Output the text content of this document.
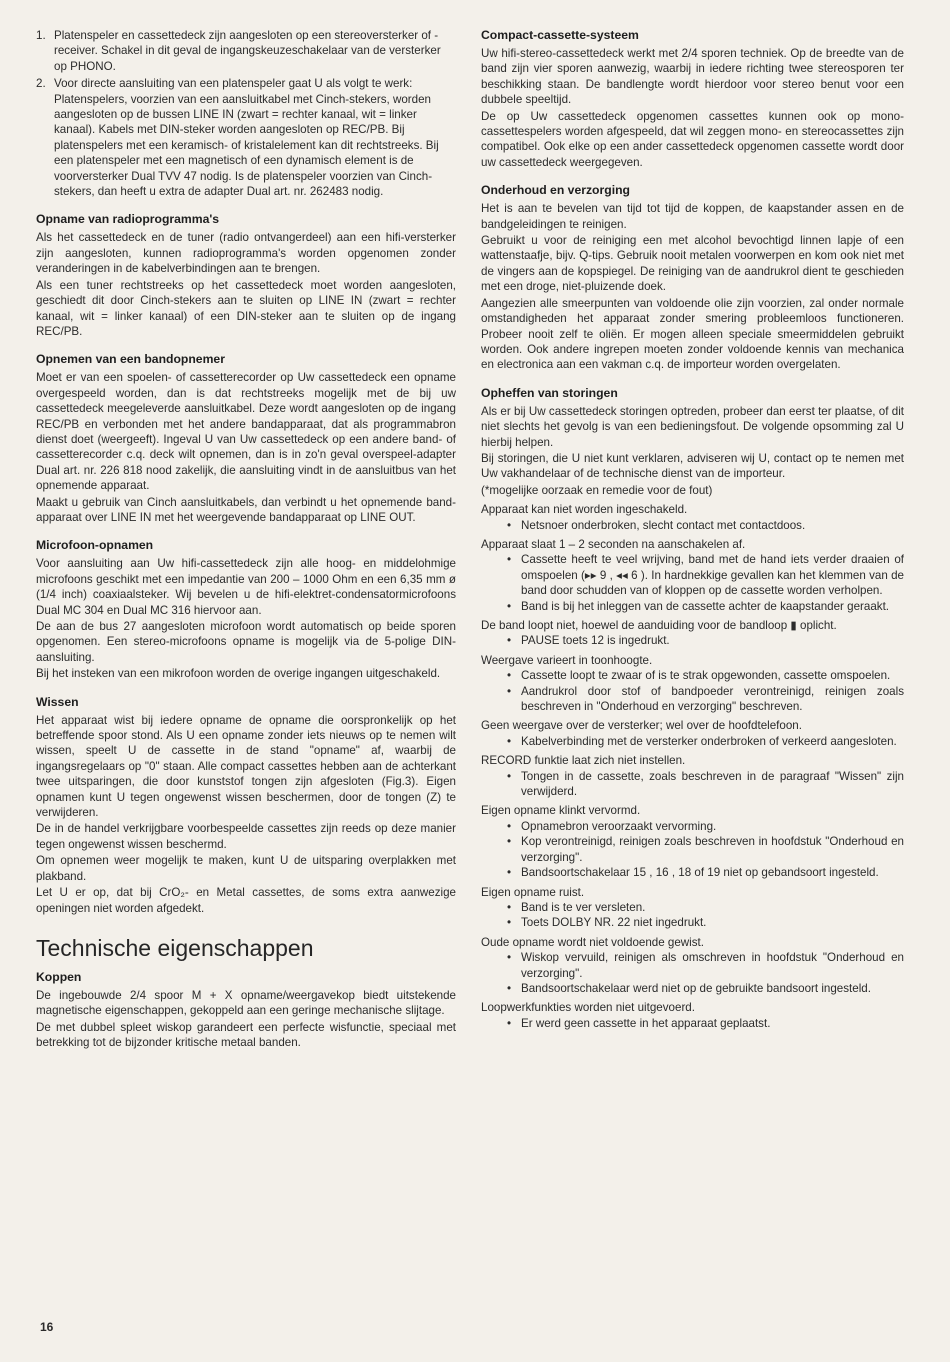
1. Platenspeler en cassettedeck zijn aangesloten op een stereoversterker of -receiver. Schakel in dit geval de ingangskeuzeschakelaar van de versterker op PHONO.
2. Voor directe aansluiting van een platenspeler gaat U als volgt te werk: Platenspelers, voorzien van een aansluitkabel met Cinch-stekers, worden aangesloten op de bussen LINE IN (zwart = rechter kanaal, wit = linker kanaal). Kabels met DIN-steker worden aangesloten op REC/PB. Bij platenspelers met een keramisch- of kristalelement kan dit rechtstreeks. Bij een platenspeler met een magnetisch of een dynamisch element is de voorversterker Dual TVV 47 nodig. Is de platenspeler voorzien van Cinch-stekers, dan heeft u extra de adapter Dual art. nr. 262483 nodig.
Opname van radioprogramma's

Als het cassettedeck en de tuner (radio ontvangerdeel) aan een hifi-versterker zijn aangesloten, kunnen radioprogramma's worden opgenomen zonder veranderingen in de kabelverbindingen aan te brengen.

Als een tuner rechtstreeks op het cassettedeck moet worden aangesloten, geschiedt dit door Cinch-stekers aan te sluiten op LINE IN (zwart = rechter kanaal, wit = linker kanaal) of een DIN-steker aan te sluiten op de ingang REC/PB.

Opnemen van een bandopnemer

Moet er van een spoelen- of cassetterecorder op Uw cassettedeck een opname overgespeeld worden, dan is dat rechtstreeks mogelijk met de bij uw cassettedeck meegeleverde aansluitkabel. Deze wordt aangesloten op de ingang REC/PB en verbonden met het andere bandapparaat, dat als programmabron dienst doet (weergeeft). Ingeval U van Uw cassettedeck op een andere band- of cassetterecorder c.q. deck wilt opnemen, dan is in zo'n geval overspeel-adapter Dual art. nr. 226 818 nood zakelijk, die aansluiting vindt in de aansluitbus van het opnemende apparaat.

Maakt u gebruik van Cinch aansluitkabels, dan verbindt u het opnemende band-apparaat over LINE IN met het weergevende bandapparaat op LINE OUT.

Microfoon-opnamen

Voor aansluiting aan Uw hifi-cassettedeck zijn alle hoog- en middelohmige microfoons geschikt met een impedantie van 200 – 1000 Ohm en een 6,35 mm ø (1/4 inch) coaxiaalsteker. Wij bevelen u de hifi-elektret-condensatormicrofoons Dual MC 304 en Dual MC 316 hiervoor aan.

De aan de bus 27 aangesloten microfoon wordt automatisch op beide sporen opgenomen. Een stereo-microfoons opname is mogelijk via de 5-polige DIN-aansluiting.

Bij het insteken van een mikrofoon worden de overige ingangen uitgeschakeld.

Wissen

Het apparaat wist bij iedere opname de opname die oorspronkelijk op het betreffende spoor stond. Als U een opname zonder iets nieuws op te nemen wilt wissen, speelt U de cassette in de stand "opname" af, waarbij de ingangsregelaars op "0" staan. Alle compact cassettes hebben aan de achterkant twee uitsparingen, die door kunststof tongen zijn afgesloten (Fig.3). Eigen opnamen kunt U tegen ongewenst wissen beschermen, door de tongen (Z) te verwijderen.

De in de handel verkrijgbare voorbespeelde cassettes zijn reeds op deze manier tegen ongewenst wissen beschermd.

Om opnemen weer mogelijk te maken, kunt U de uitsparing overplakken met plakband.

Let U er op, dat bij CrO₂- en Metal cassettes, de soms extra aanwezige openingen niet worden afgedekt.

Technische eigenschappen
Koppen

De ingebouwde 2/4 spoor M + X opname/weergavekop biedt uitstekende magnetische eigenschappen, gekoppeld aan een geringe mechanische slijtage.

De met dubbel spleet wiskop garandeert een perfecte wisfunctie, speciaal met betrekking tot de bijzonder kritische metaal banden.

Compact-cassette-systeem

Uw hifi-stereo-cassettedeck werkt met 2/4 sporen techniek. Op de breedte van de band zijn vier sporen aanwezig, waarbij in iedere richting twee stereosporen ter beschikking staan. De bandlengte wordt hierdoor voor stereo benut voor een dubbele speeltijd.

De op Uw cassettedeck opgenomen cassettes kunnen ook op mono-cassettespelers worden afgespeeld, dat wil zeggen mono- en stereocassettes zijn compatibel. Ook elke op een ander cassettedeck opgenomen cassette wordt door uw cassettedeck weergegeven.

Onderhoud en verzorging

Het is aan te bevelen van tijd tot tijd de koppen, de kaapstander assen en de bandgeleidingen te reinigen.

Gebruikt u voor de reiniging een met alcohol bevochtigd linnen lapje of een wattenstaafje, bijv. Q-tips. Gebruik nooit metalen voorwerpen en kom ook niet met de vingers aan de kopspiegel. De reiniging van de aandrukrol dient te geschieden met een droge, niet-pluizende doek.

Aangezien alle smeerpunten van voldoende olie zijn voorzien, zal onder normale omstandigheden het apparaat zonder smering probleemloos functioneren. Probeer nooit zelf te oliën. Er mogen alleen speciale smeermiddelen gebruikt worden. Ook andere ingrepen moeten zonder voldoende kennis van mechanica en electronica aan een vakman c.q. de importeur worden overgelaten.

Opheffen van storingen

Als er bij Uw cassettedeck storingen optreden, probeer dan eerst ter plaatse, of dit niet slechts het gevolg is van een bedieningsfout. De volgende opsomming zal U hierbij helpen.

Bij storingen, die U niet kunt verklaren, adviseren wij U, contact op te nemen met Uw vakhandelaar of de technische dienst van de importeur.

(*mogelijke oorzaak en remedie voor de fout)

Apparaat kan niet worden ingeschakeld.

• Netsnoer onderbroken, slecht contact met contactdoos.

Apparaat slaat 1 – 2 seconden na aanschakelen af.

• Cassette heeft te veel wrijving, band met de hand iets verder draaien of omspoelen (▸▸ 9 , ◂◂ 6 ). In hardnekkige gevallen kan het klemmen van de band door schudden van of kloppen op de cassette worden verholpen.
• Band is bij het inleggen van de cassette achter de kaapstander geraakt.

De band loopt niet, hoewel de aanduiding voor de bandloop ▮ oplicht.

• PAUSE toets 12 is ingedrukt.

Weergave varieert in toonhoogte.

• Cassette loopt te zwaar of is te strak opgewonden, cassette omspoelen.
• Aandrukrol door stof of bandpoeder verontreinigd, reinigen zoals beschreven in "Onderhoud en verzorging" beschreven.

Geen weergave over de versterker; wel over de hoofdtelefoon.

• Kabelverbinding met de versterker onderbroken of verkeerd aangesloten.

RECORD funktie laat zich niet instellen.

• Tongen in de cassette, zoals beschreven in de paragraaf "Wissen" zijn verwijderd.

Eigen opname klinkt vervormd.

• Opnamebron veroorzaakt vervorming.
• Kop verontreinigd, reinigen zoals beschreven in hoofdstuk "Onderhoud en verzorging".
• Bandsoortschakelaar 15 , 16 , 18 of 19 niet op gebandsoort ingesteld.

Eigen opname ruist.

• Band is te ver versleten.
• Toets DOLBY NR. 22 niet ingedrukt.

Oude opname wordt niet voldoende gewist.

• Wiskop vervuild, reinigen als omschreven in hoofdstuk "Onderhoud en verzorging".
• Bandsoortschakelaar werd niet op de gebruikte bandsoort ingesteld.

Loopwerkfunkties worden niet uitgevoerd.

• Er werd geen cassette in het apparaat geplaatst.
16
